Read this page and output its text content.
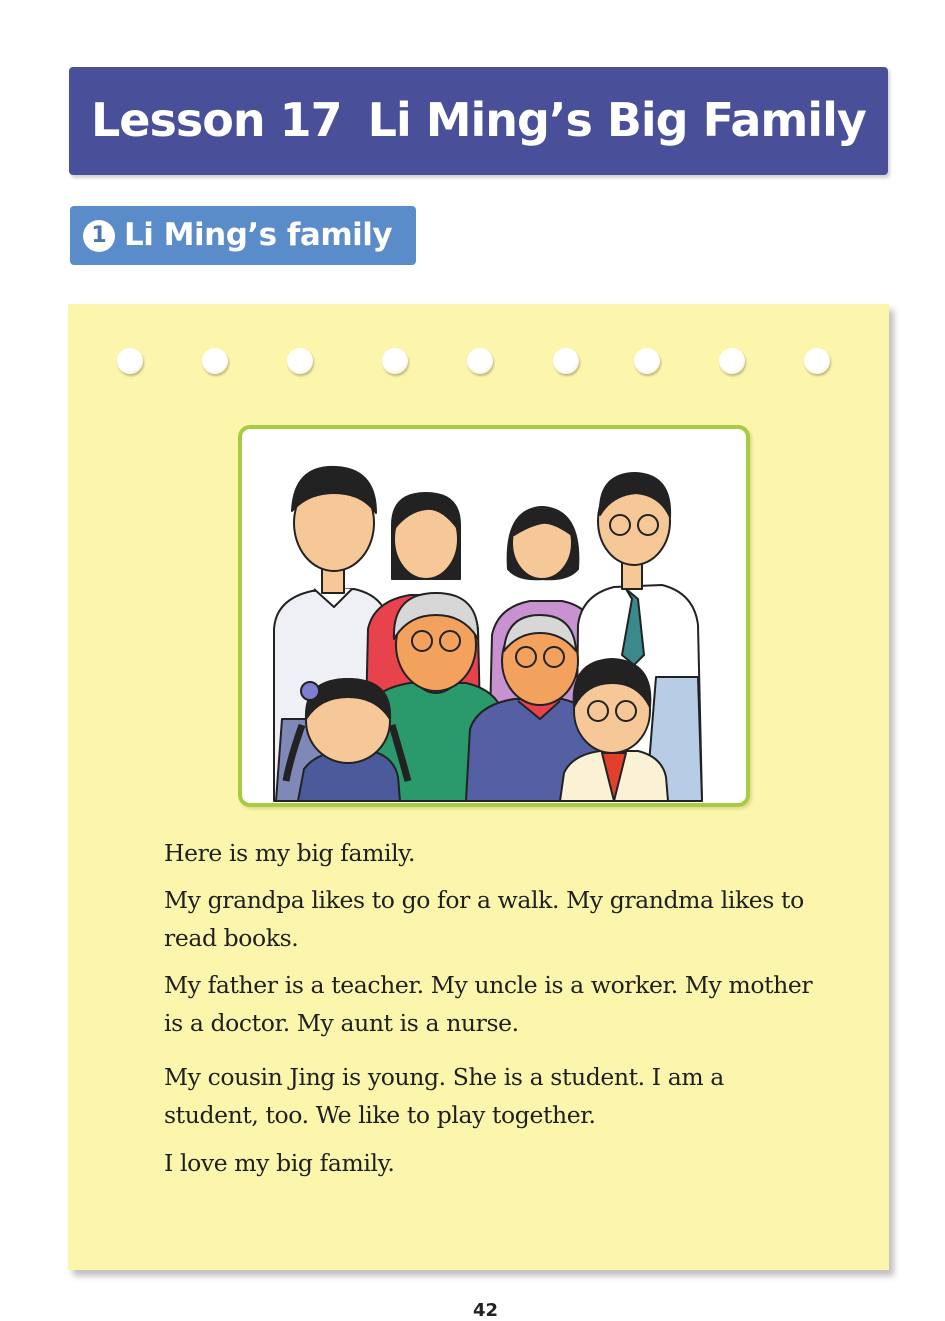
Lesson 17 Li Ming’s Big Family
1 Li Ming’s family

Here is my big family.

My grandpa likes to go for a walk. My grandma likes to read books.

My father is a teacher. My uncle is a worker. My mother is a doctor. My aunt is a nurse.

My cousin Jing is young. She is a student. I am a student, too. We like to play together.

I love my big family.

42
